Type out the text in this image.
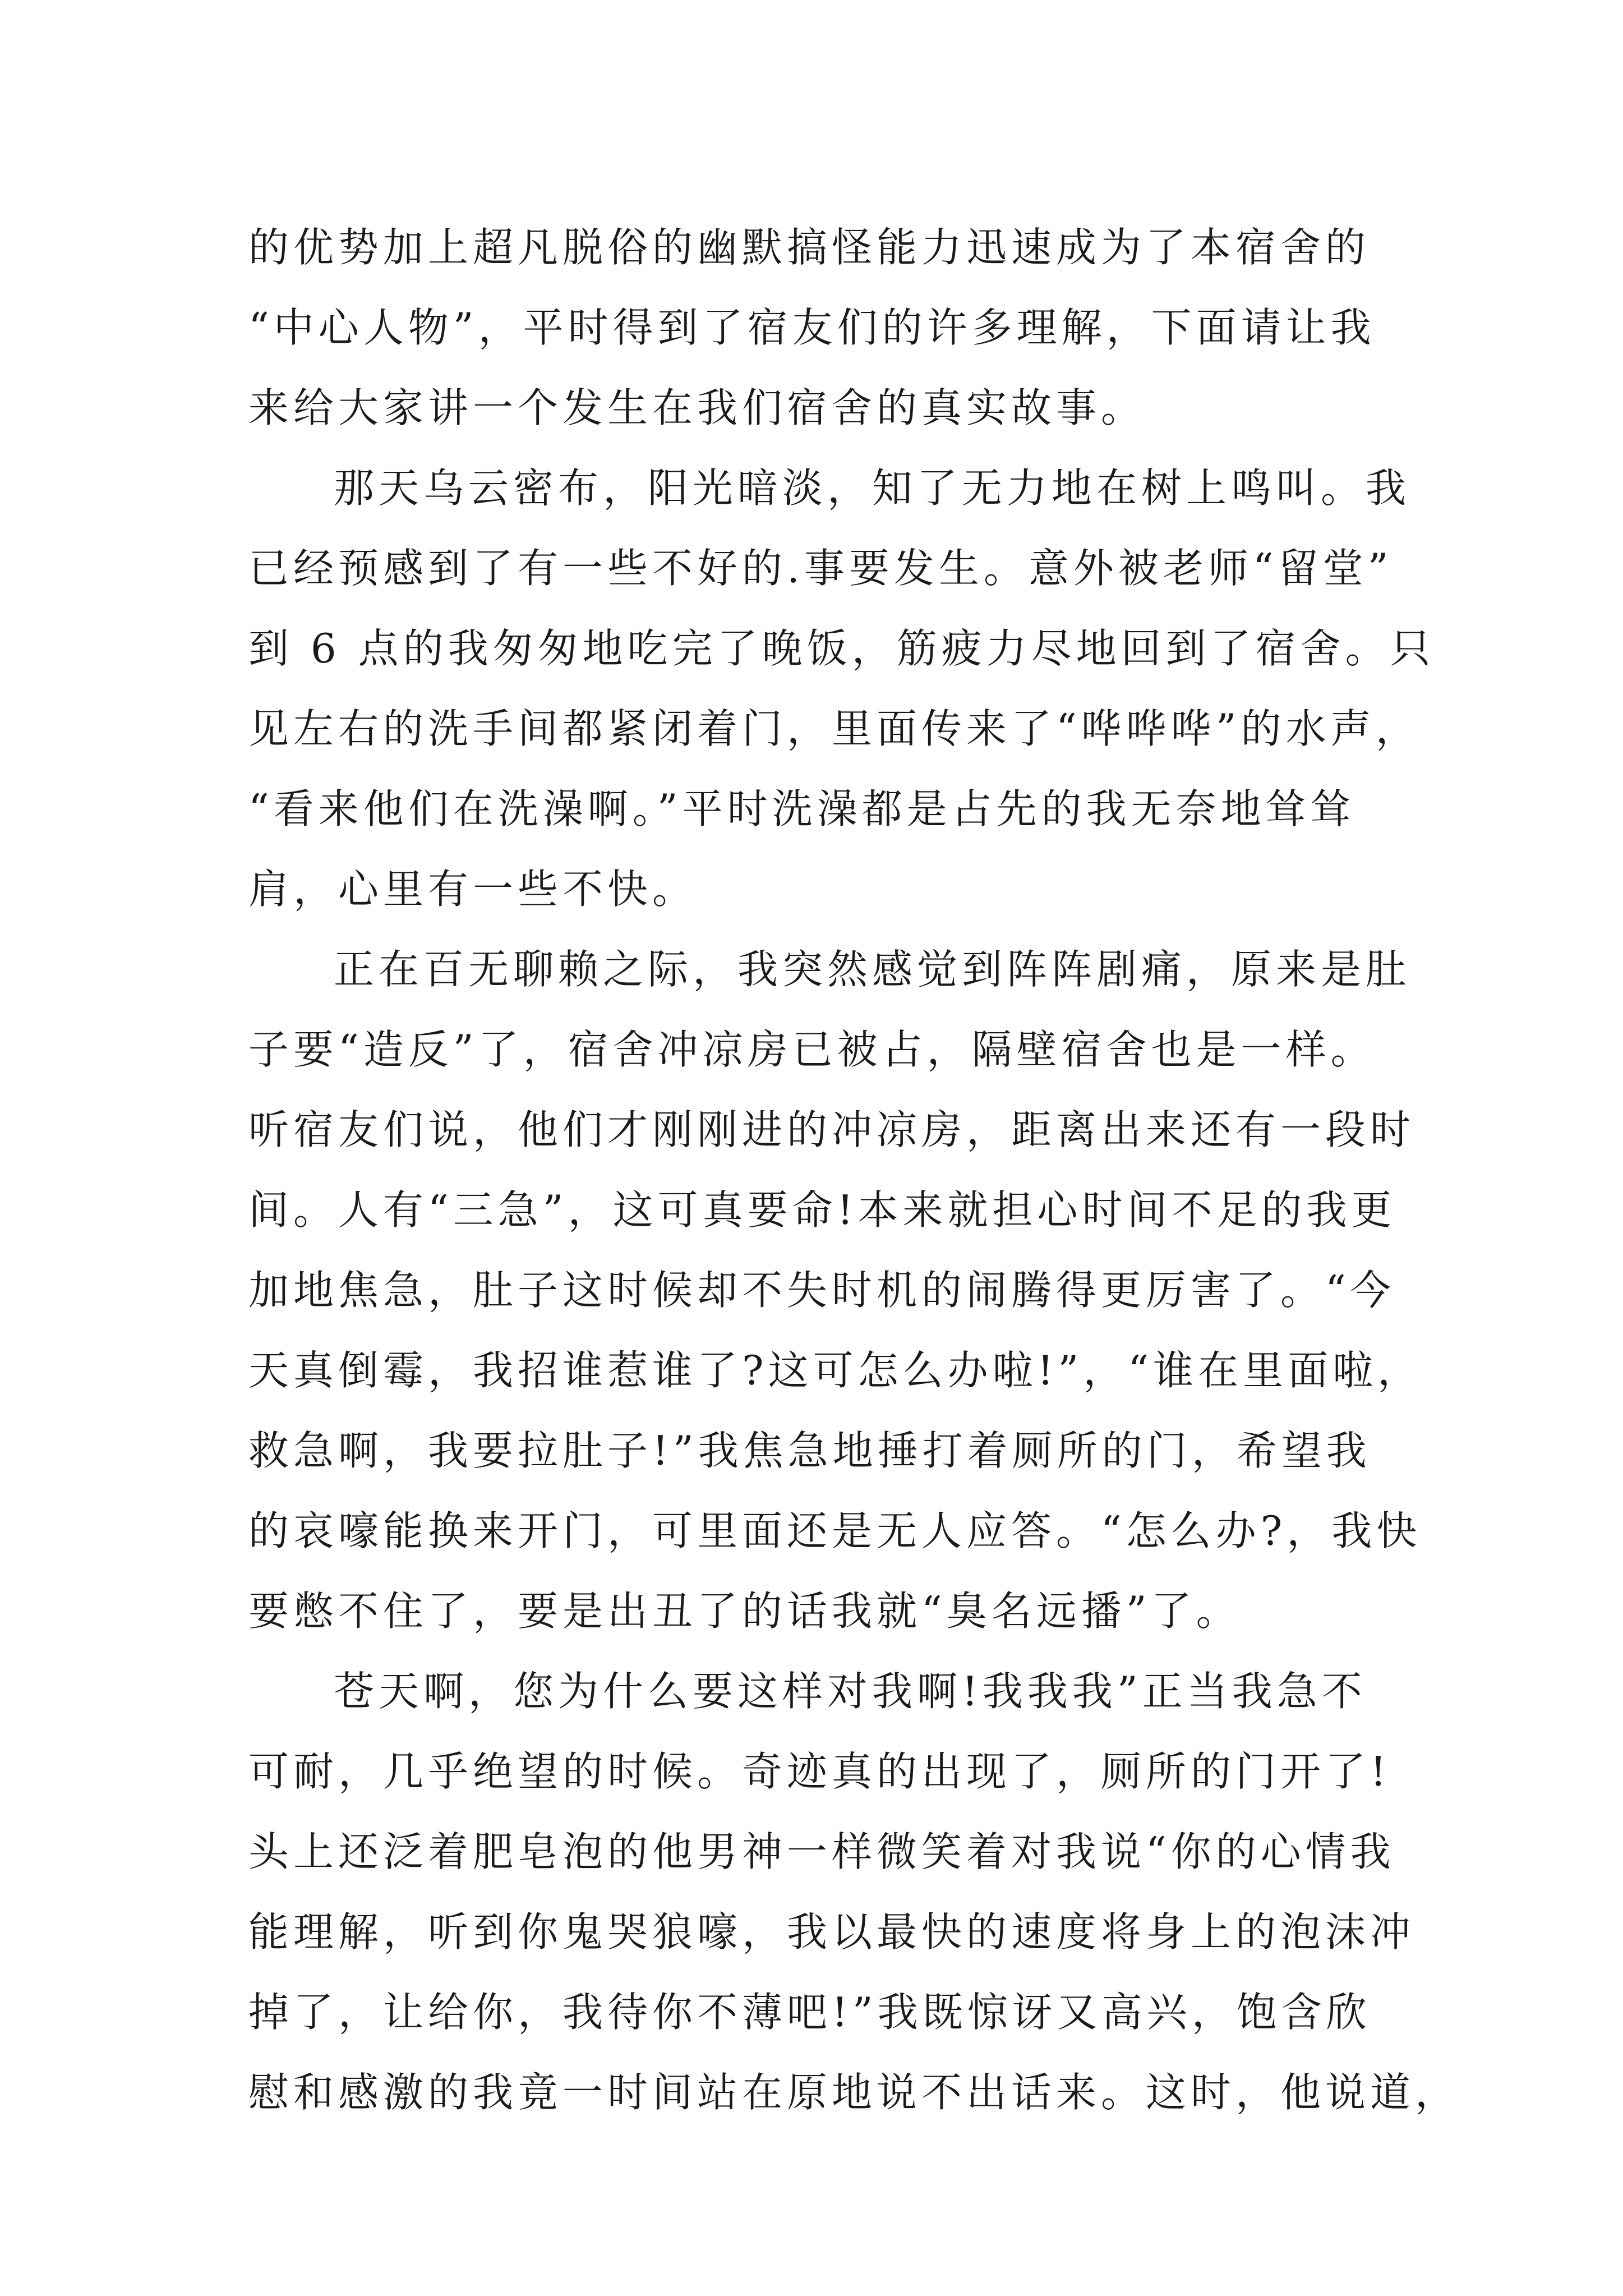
的优势加上超凡脱俗的幽默搞怪能力迅速成为了本宿舍的
“中心人物”，平时得到了宿友们的许多理解，下面请让我
来给大家讲一个发生在我们宿舍的真实故事。
那天乌云密布，阳光暗淡，知了无力地在树上鸣叫。我
已经预感到了有一些不好的.事要发生。意外被老师“留堂”
到 6 点的我匆匆地吃完了晚饭，筋疲力尽地回到了宿舍。只
见左右的洗手间都紧闭着门，里面传来了“哗哗哗”的水声，
“看来他们在洗澡啊。”平时洗澡都是占先的我无奈地耸耸
肩，心里有一些不快。
正在百无聊赖之际，我突然感觉到阵阵剧痛，原来是肚
子要“造反”了，宿舍冲凉房已被占，隔壁宿舍也是一样。
听宿友们说，他们才刚刚进的冲凉房，距离出来还有一段时
间。人有“三急”，这可真要命!本来就担心时间不足的我更
加地焦急，肚子这时候却不失时机的闹腾得更厉害了。“今
天真倒霉，我招谁惹谁了?这可怎么办啦!”，“谁在里面啦，
救急啊，我要拉肚子!”我焦急地捶打着厕所的门，希望我
的哀嚎能换来开门，可里面还是无人应答。“怎么办?，我快
要憋不住了，要是出丑了的话我就“臭名远播”了。
苍天啊，您为什么要这样对我啊!我我我”正当我急不
可耐，几乎绝望的时候。奇迹真的出现了，厕所的门开了!
头上还泛着肥皂泡的他男神一样微笑着对我说“你的心情我
能理解，听到你鬼哭狼嚎，我以最快的速度将身上的泡沫冲
掉了，让给你，我待你不薄吧!”我既惊讶又高兴，饱含欣
慰和感激的我竟一时间站在原地说不出话来。这时，他说道，
